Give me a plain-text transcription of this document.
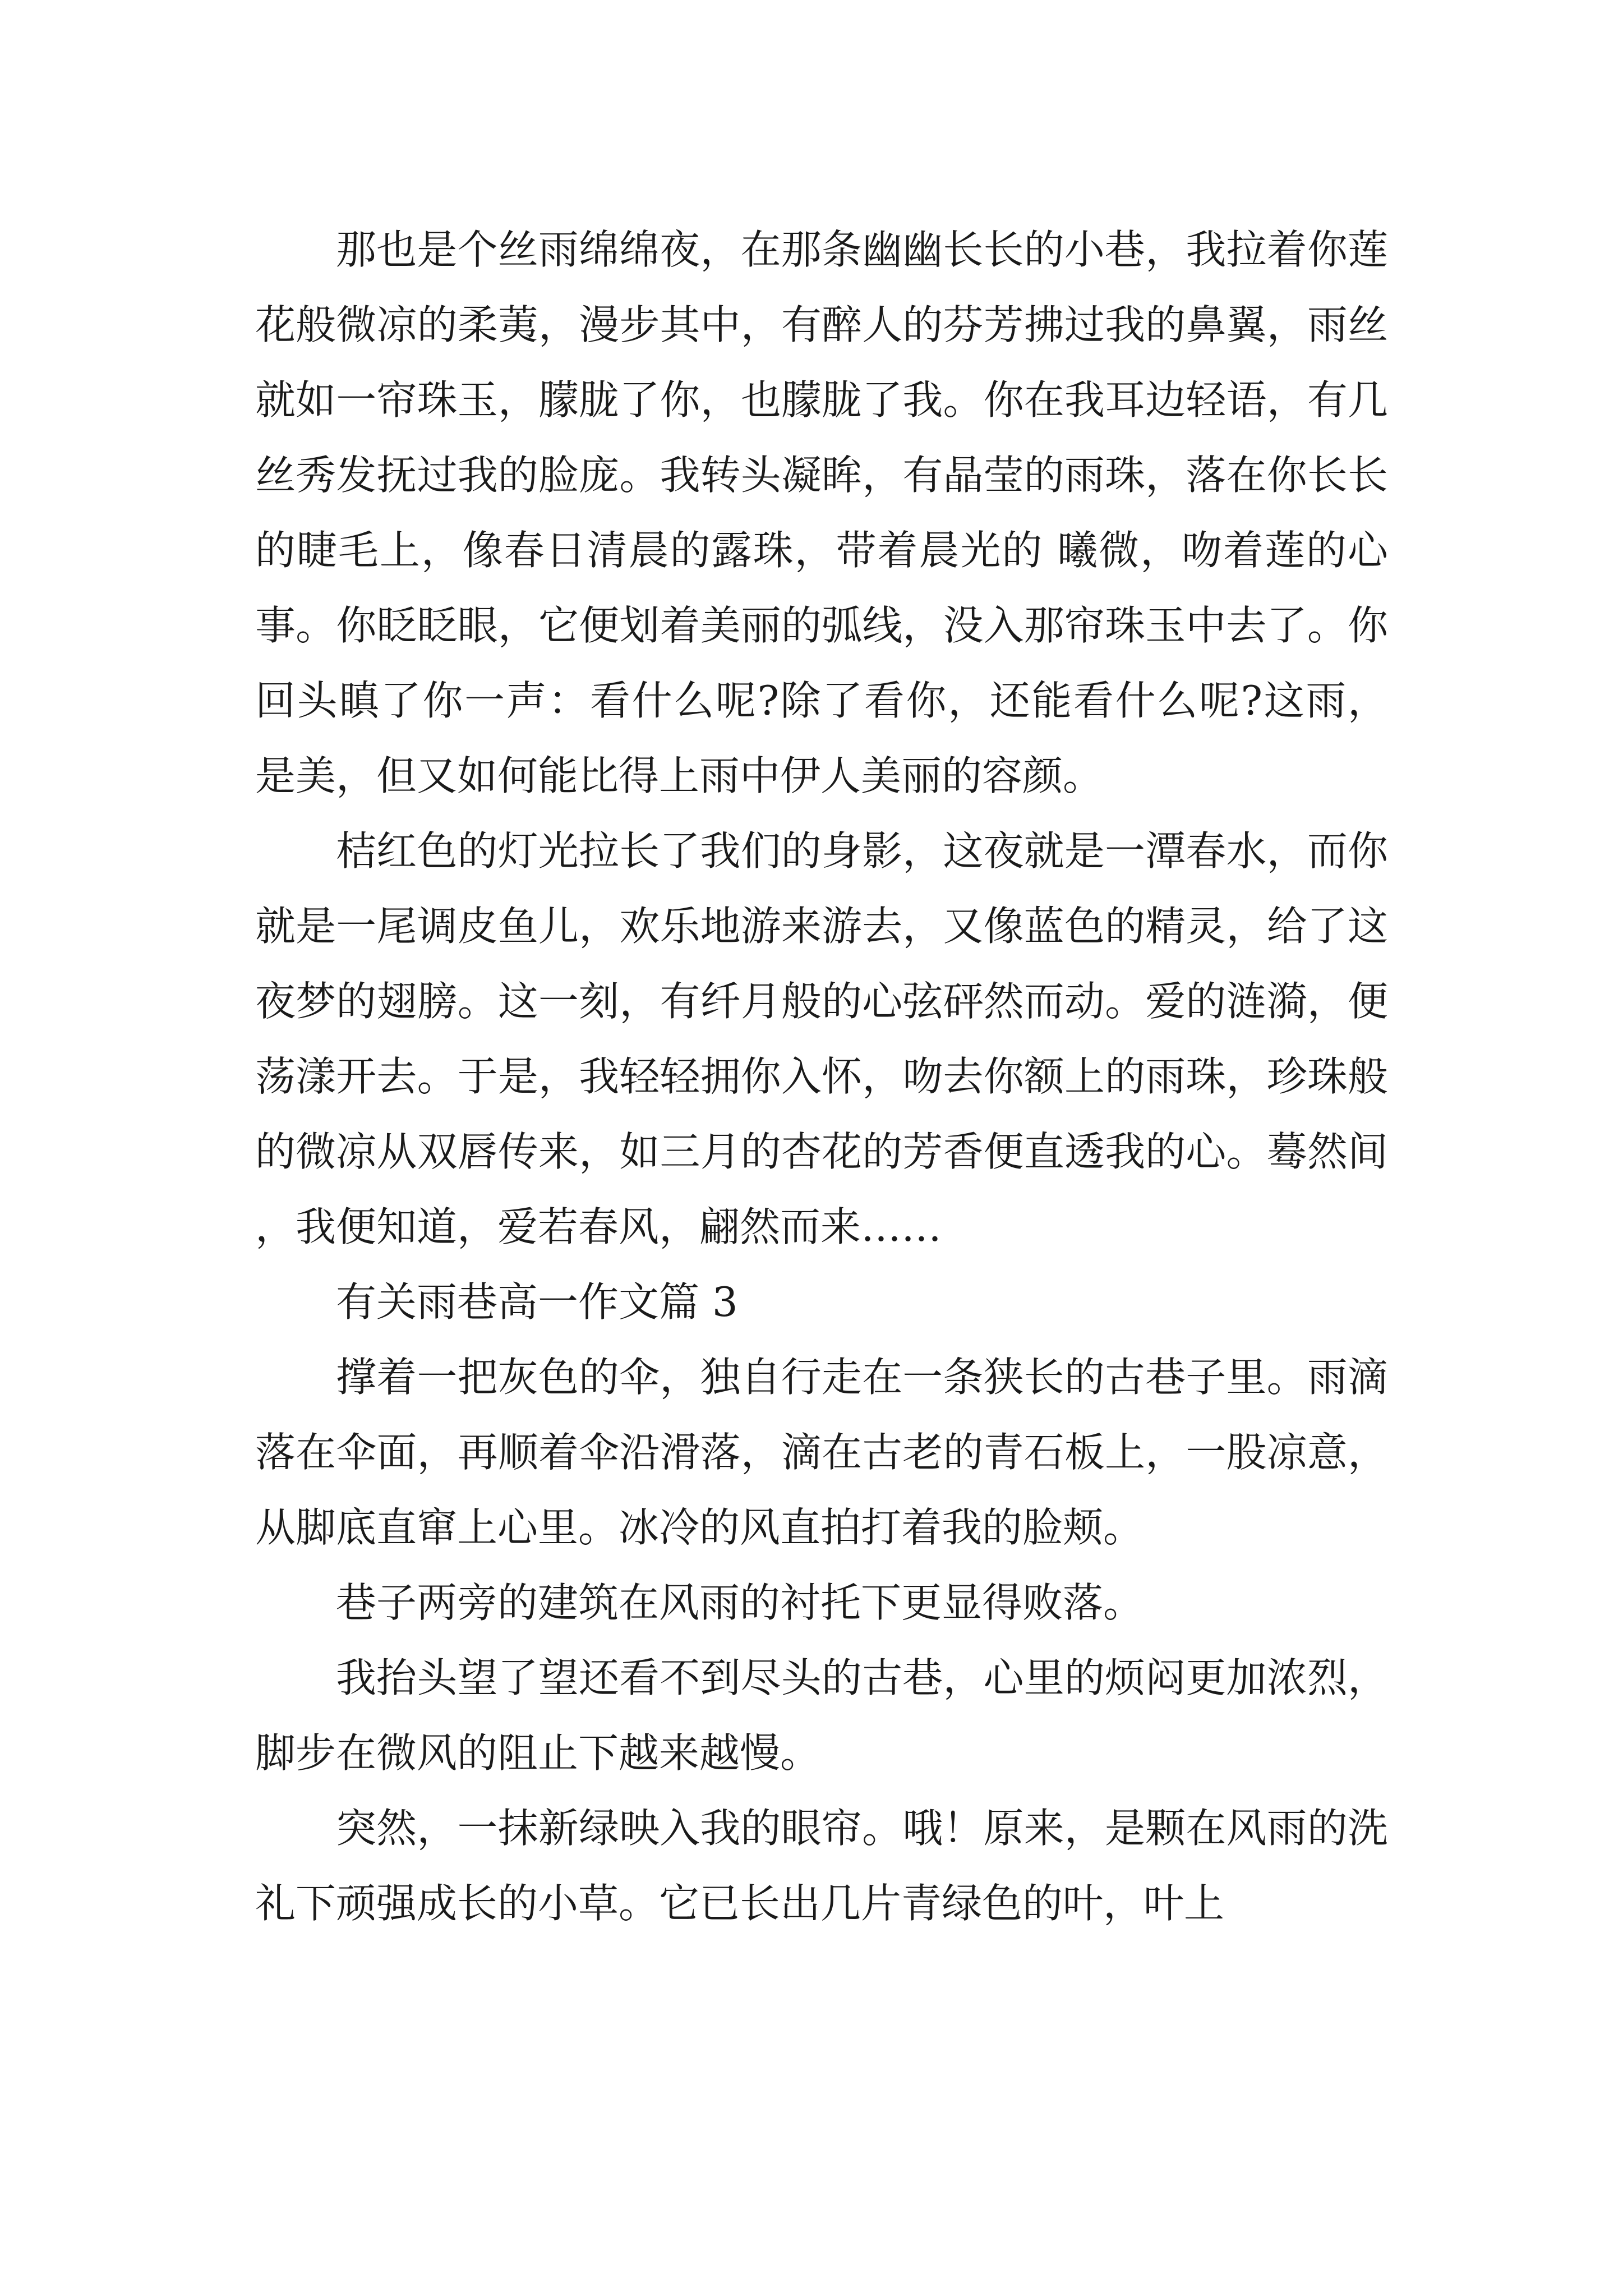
那也是个丝雨绵绵夜，在那条幽幽长长的小巷，我拉着你莲花般微凉的柔荑，漫步其中，有醉人的芬芳拂过我的鼻翼，雨丝就如一帘珠玉，朦胧了你，也朦胧了我。你在我耳边轻语，有几丝秀发抚过我的脸庞。我转头凝眸，有晶莹的雨珠，落在你长长的睫毛上，像春日清晨的露珠，带着晨光的 曦微，吻着莲的心事。你眨眨眼，它便划着美丽的弧线，没入那帘珠玉中去了。你回头瞋了你一声：看什么呢?除了看你，还能看什么呢?这雨，是美，但又如何能比得上雨中伊人美丽的容颜。

桔红色的灯光拉长了我们的身影，这夜就是一潭春水，而你就是一尾调皮鱼儿，欢乐地游来游去，又像蓝色的精灵，给了这夜梦的翅膀。这一刻，有纤月般的心弦砰然而动。爱的涟漪，便荡漾开去。于是，我轻轻拥你入怀，吻去你额上的雨珠，珍珠般的微凉从双唇传来，如三月的杏花的芳香便直透我的心。蓦然间，我便知道，爱若春风，翩然而来……

有关雨巷高一作文篇 3

撑着一把灰色的伞，独自行走在一条狭长的古巷子里。雨滴落在伞面，再顺着伞沿滑落，滴在古老的青石板上，一股凉意，从脚底直窜上心里。冰冷的风直拍打着我的脸颊。

巷子两旁的建筑在风雨的衬托下更显得败落。

我抬头望了望还看不到尽头的古巷，心里的烦闷更加浓烈，脚步在微风的阻止下越来越慢。

突然，一抹新绿映入我的眼帘。哦！原来，是颗在风雨的洗礼下顽强成长的小草。它已长出几片青绿色的叶，叶上
